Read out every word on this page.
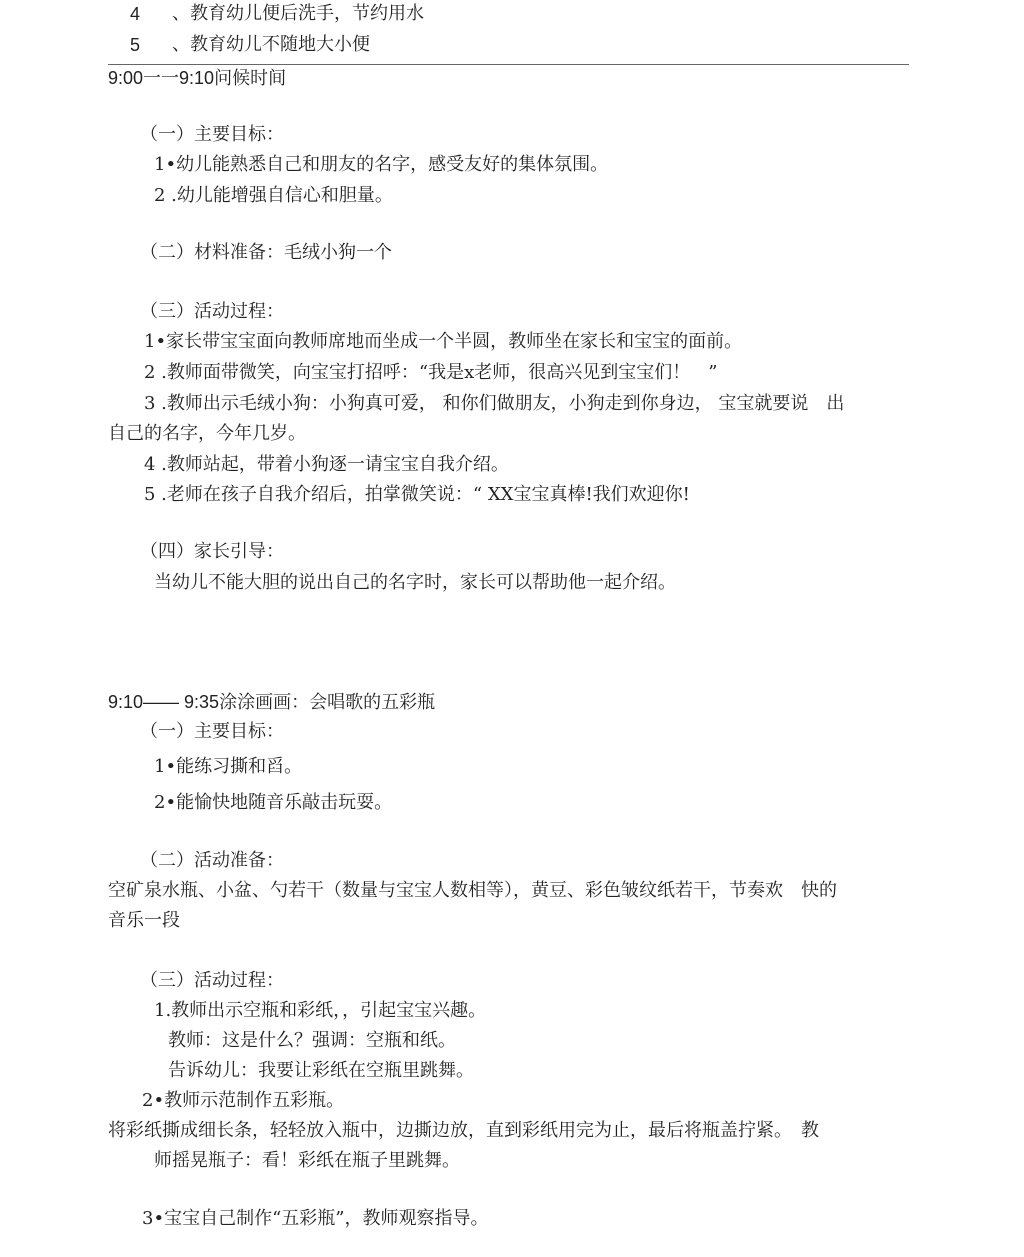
4 、教育幼儿便后洗手，节约用水
5 、教育幼儿不随地大小便
9:00一一9:10问候时间
（一）主要目标：
1•幼儿能熟悉自己和朋友的名字，感受友好的集体氛围。
2 .幼儿能增强自信心和胆量。
（二）材料准备：毛绒小狗一个
（三）活动过程：
1•家长带宝宝面向教师席地而坐成一个半圆，教师坐在家长和宝宝的面前。
2 .教师面带微笑，向宝宝打招呼：“我是x老师，很高兴见到宝宝们！　”
3 .教师出示毛绒小狗：小狗真可爱， 和你们做朋友，小狗走到你身边， 宝宝就要说　出
自己的名字，今年几岁。
4 .教师站起，带着小狗逐一请宝宝自我介绍。
5 .老师在孩子自我介绍后，拍掌微笑说：“ XX宝宝真棒!我们欢迎你!
（四）家长引导：
当幼儿不能大胆的说出自己的名字时，家长可以帮助他一起介绍。
9:10—— 9:35涂涂画画：会唱歌的五彩瓶
（一）主要目标：
1•能练习撕和舀。
2•能愉快地随音乐敲击玩耍。
（二）活动准备：
空矿泉水瓶、小盆、勺若干（数量与宝宝人数相等），黄豆、彩色皱纹纸若干，节奏欢　快的
音乐一段
（三）活动过程：
1.教师出示空瓶和彩纸，，引起宝宝兴趣。
教师：这是什么？强调：空瓶和纸。
告诉幼儿：我要让彩纸在空瓶里跳舞。
2•教师示范制作五彩瓶。
将彩纸撕成细长条，轻轻放入瓶中，边撕边放，直到彩纸用完为止，最后将瓶盖拧紧。　教
师摇晃瓶子：看！彩纸在瓶子里跳舞。
3•宝宝自己制作“五彩瓶”，教师观察指导。
